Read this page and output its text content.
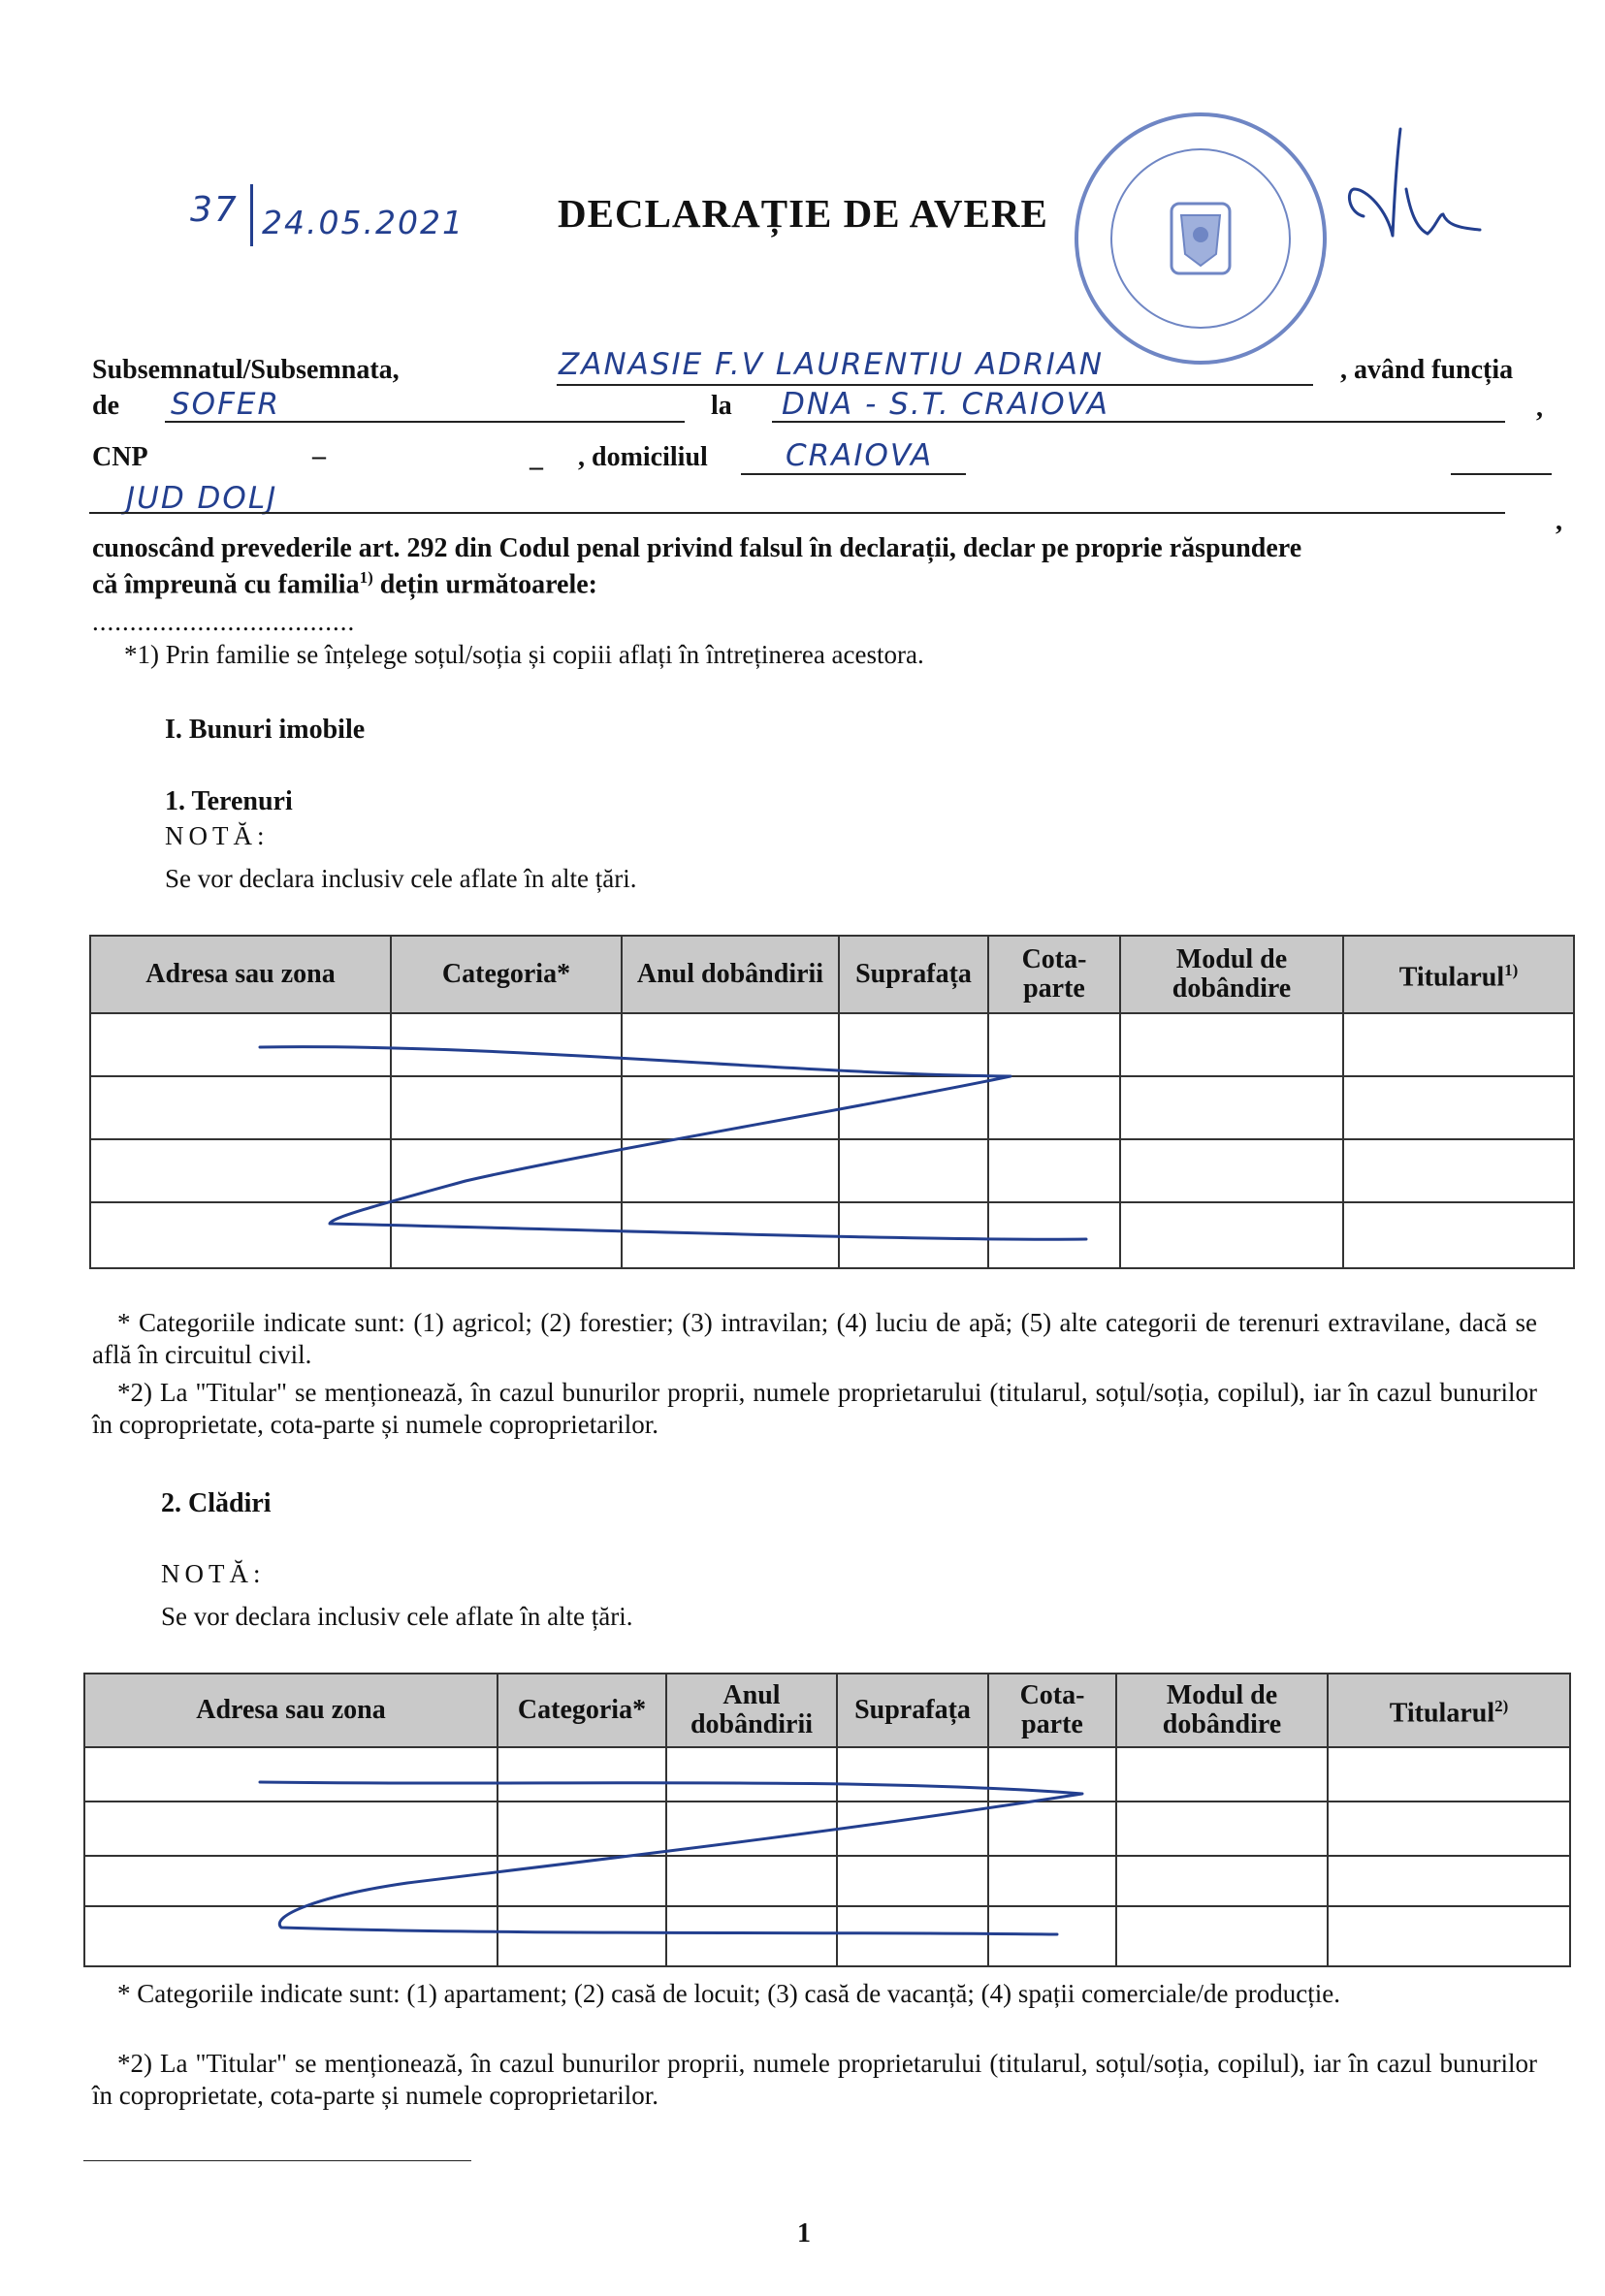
37 24.05.2021 DECLARAȚIE DE AVERE
Subsemnatul/Subsemnata,	ZANASIE F.V LAURENTIU ADRIAN	, având funcția
de SOFER	la DNA - S.T. CRAIOVA	,
CNP	–	– , domiciliul	CRAIOVA
JUD DOLJ
,
cunoscând prevederile art. 292 din Codul penal privind falsul în declarații, declar pe proprie răspundere
că împreună cu familia$^{1)}$ dețin următoarele:
...................................
*1) Prin familie se înțelege soțul/soția și copiii aflați în întreținerea acestora.
I. Bunuri imobile
1. Terenuri
NOTĂ:
Se vor declara inclusiv cele aflate în alte țări.
Adresa sau zona	Categoria*	Anul dobândirii	Suprafața	Cota-parte	Modul de dobândire	Titularul$^{1)}$

* Categoriile indicate sunt: (1) agricol; (2) forestier; (3) intravilan; (4) luciu de apă; (5) alte categorii de terenuri extravilane, dacă se află în circuitul civil.
*2) La "Titular" se menționează, în cazul bunurilor proprii, numele proprietarului (titularul, soțul/soția, copilul), iar în cazul bunurilor în coproprietate, cota-parte și numele coproprietarilor.
2. Clădiri
NOTĂ:
Se vor declara inclusiv cele aflate în alte țări.
Adresa sau zona	Categoria*	Anul dobândirii	Suprafața	Cota-parte	Modul de dobândire	Titularul$^{2)}$

* Categoriile indicate sunt: (1) apartament; (2) casă de locuit; (3) casă de vacanță; (4) spații comerciale/de producție.
*2) La "Titular" se menționează, în cazul bunurilor proprii, numele proprietarului (titularul, soțul/soția, copilul), iar în cazul bunurilor în coproprietate, cota-parte și numele coproprietarilor.
1
